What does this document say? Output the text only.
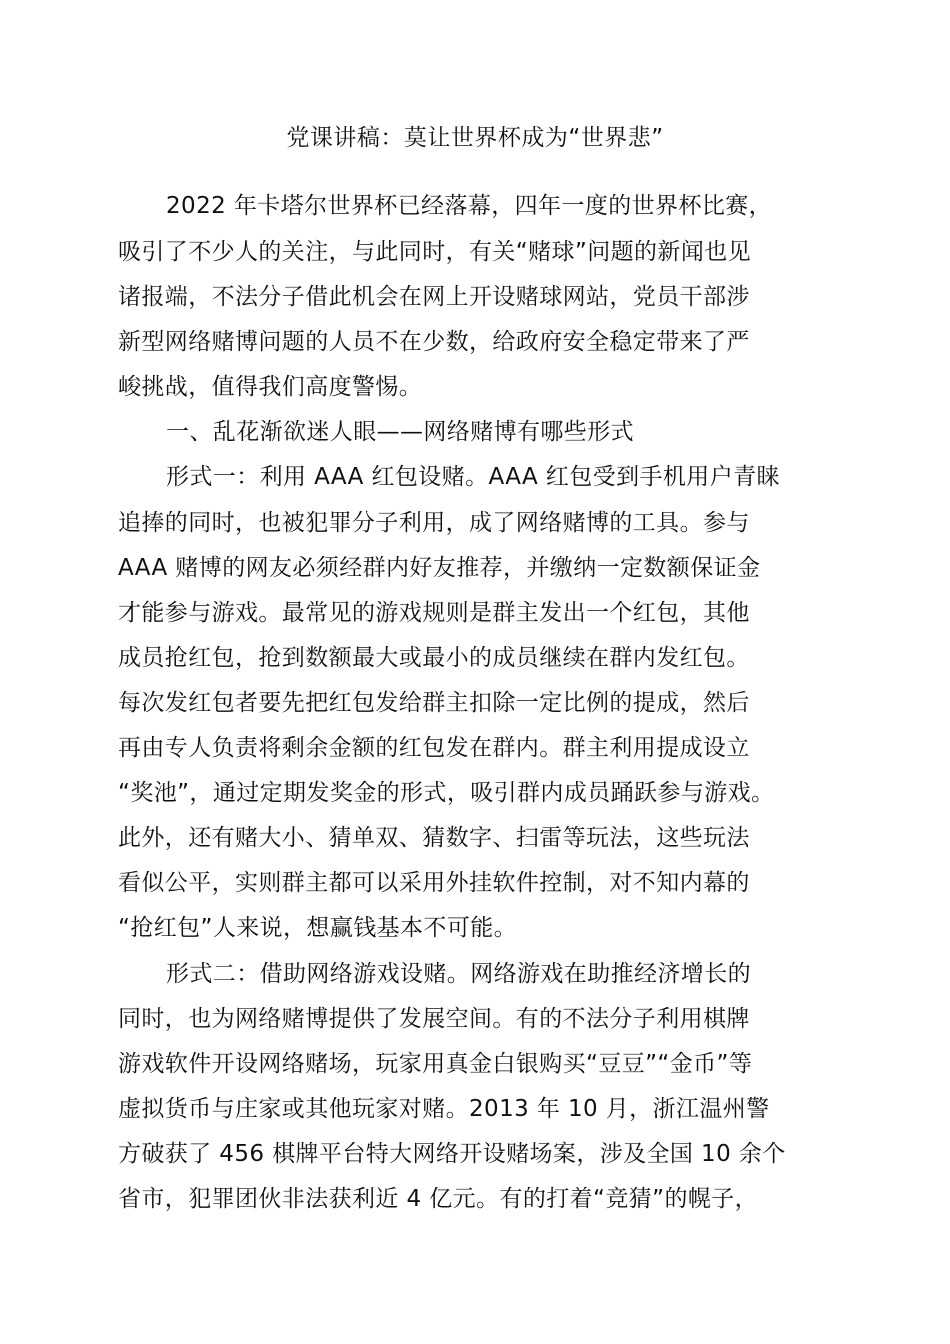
党课讲稿：莫让世界杯成为“世界悲”
2022 年卡塔尔世界杯已经落幕，四年一度的世界杯比赛，
吸引了不少人的关注，与此同时，有关“赌球”问题的新闻也见
诸报端，不法分子借此机会在网上开设赌球网站，党员干部涉
新型网络赌博问题的人员不在少数，给政府安全稳定带来了严
峻挑战，值得我们高度警惕。
一、乱花渐欲迷人眼——网络赌博有哪些形式
形式一：利用 AAA 红包设赌。AAA 红包受到手机用户青睐
追捧的同时，也被犯罪分子利用，成了网络赌博的工具。参与
AAA 赌博的网友必须经群内好友推荐，并缴纳一定数额保证金
才能参与游戏。最常见的游戏规则是群主发出一个红包，其他
成员抢红包，抢到数额最大或最小的成员继续在群内发红包。
每次发红包者要先把红包发给群主扣除一定比例的提成，然后
再由专人负责将剩余金额的红包发在群内。群主利用提成设立
“奖池”，通过定期发奖金的形式，吸引群内成员踊跃参与游戏。
此外，还有赌大小、猜单双、猜数字、扫雷等玩法，这些玩法
看似公平，实则群主都可以采用外挂软件控制，对不知内幕的
“抢红包”人来说，想赢钱基本不可能。
形式二：借助网络游戏设赌。网络游戏在助推经济增长的
同时，也为网络赌博提供了发展空间。有的不法分子利用棋牌
游戏软件开设网络赌场，玩家用真金白银购买“豆豆”“金币”等
虚拟货币与庄家或其他玩家对赌。2013 年 10 月，浙江温州警
方破获了 456 棋牌平台特大网络开设赌场案，涉及全国 10 余个
省市，犯罪团伙非法获利近 4 亿元。有的打着“竞猜”的幌子，
